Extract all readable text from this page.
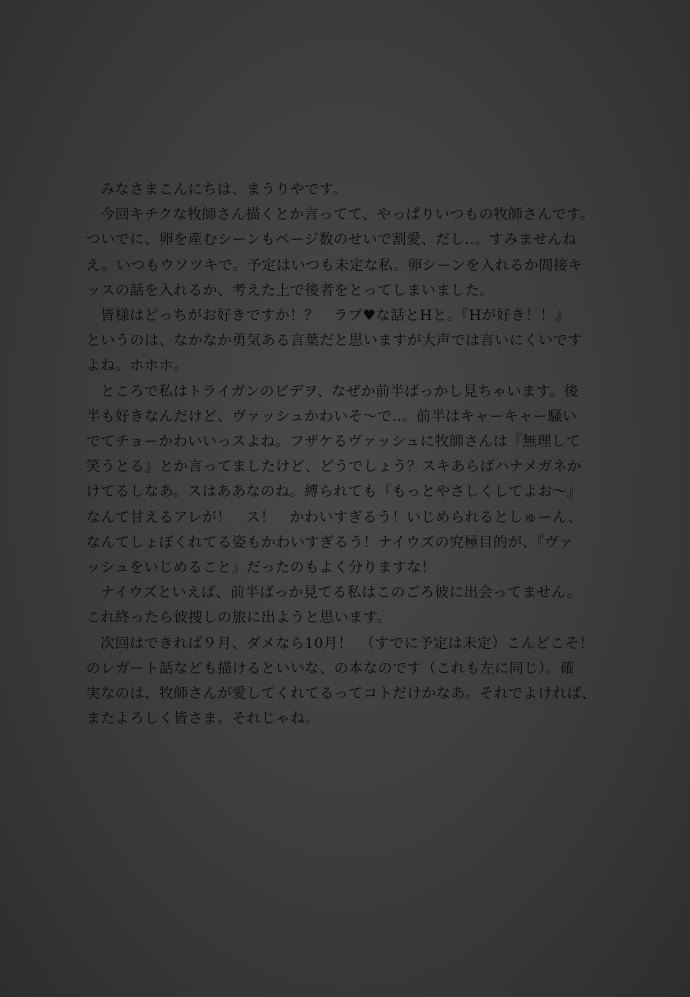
みなさまこんにちは、まうりやです。

今回キチクな牧師さん描くとか言ってて、やっぱりいつもの牧師さんです。
ついでに、卵を産むシーンもページ数のせいで割愛、だし‥。すみませんね
え。いつもウソツキで。予定はいつも未定な私。卵シーンを入れるか間接キ
ッスの話を入れるか、考えた上で後者をとってしまいました。

皆様はどっちがお好きですか！？　ラブ♥な話とHと。『Hが好き！！』
というのは、なかなか勇気ある言葉だと思いますが大声では言いにくいです
よね。ホホホ。

ところで私はトライガンのビデヲ、なぜか前半ばっかし見ちゃいます。後
半も好きなんだけど、ヴァッシュかわいそ～で‥。前半はキャーキャー騒い
でてチョーかわいいっスよね。フザケるヴァッシュに牧師さんは『無理して
笑うとる』とか言ってましたけど、どうでしょう？スキあらばハナメガネか
けてるしなあ。スはああなのね。縛られても『もっとやさしくしてよお～』
なんて甘えるアレが！　ス！　かわいすぎるう！いじめられるとしゅーん、
なんてしょぼくれてる姿もかわいすぎるう！ナイウズの究極目的が、『ヴァ
ッシュをいじめること』だったのもよく分りますな！

ナイウズといえば、前半ばっか見てる私はこのごろ彼に出会ってません。
これ終ったら彼捜しの旅に出ようと思います。

次回はできれば９月、ダメなら10月！　（すでに予定は未定）こんどこそ！
のレガート話なども描けるといいな、の本なのです（これも左に同じ）。確
実なのは、牧師さんが愛してくれてるってコトだけかなあ。それでよければ、
またよろしく皆さま。それじゃね。
